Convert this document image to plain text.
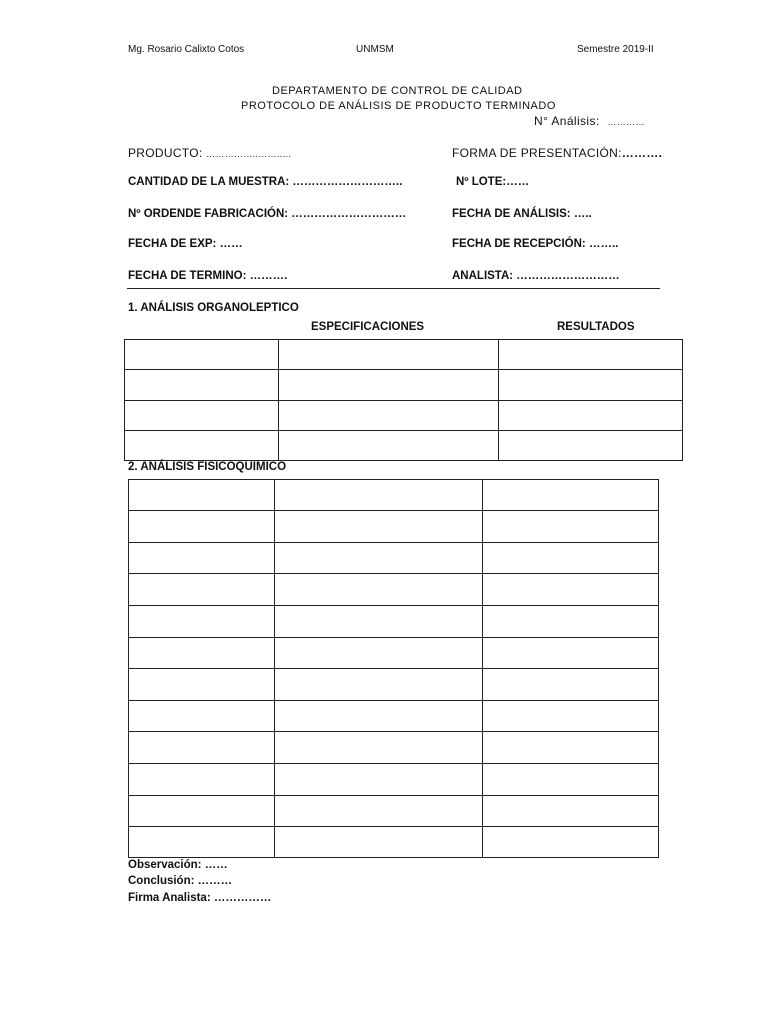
Mg. Rosario Calixto Cotos	UNMSM	Semestre 2019-II
DEPARTAMENTO DE CONTROL DE CALIDAD
PROTOCOLO DE ANÁLISIS DE PRODUCTO TERMINADO
N° Análisis: …………
PRODUCTO: ……………..……..…	FORMA DE PRESENTACIÓN:……….
CANTIDAD DE LA MUESTRA: ………………………..	Nº LOTE:……
Nº ORDENDE FABRICACIÓN: …………………………	FECHA DE ANÁLISIS: …..
FECHA DE EXP: ……	FECHA DE RECEPCIÓN: ……..
FECHA DE TERMINO: ……….	ANALISTA: ………………………
1. ANÁLISIS ORGANOLEPTICO
ESPECIFICACIONES	RESULTADOS

2. ANÁLISIS FISICOQUIMICO

Observación: ……
Conclusión: ………
Firma Analista: ……………
